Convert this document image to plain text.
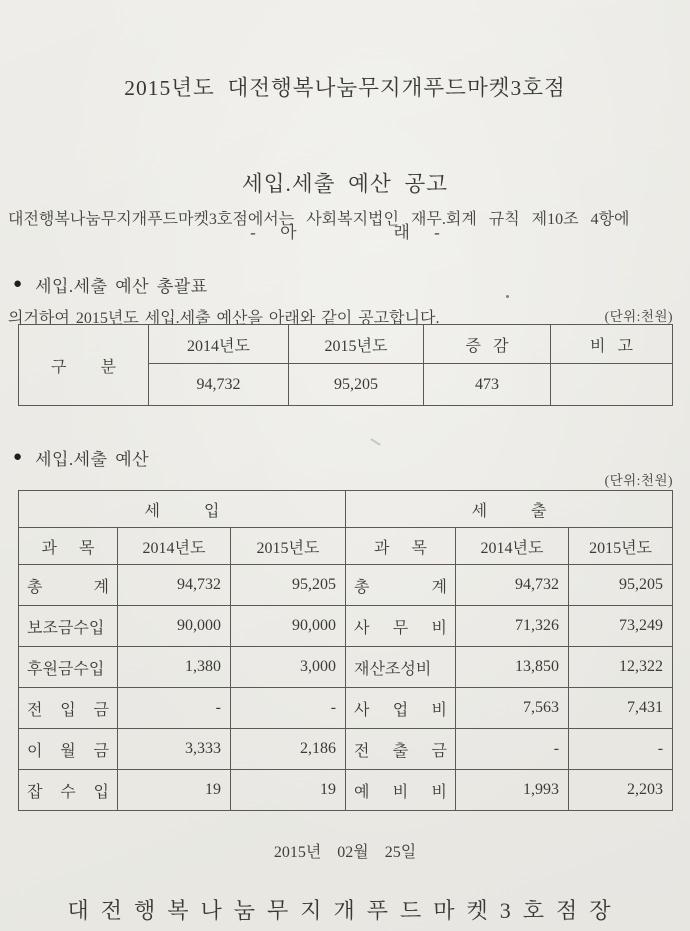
2015년도  대전행복나눔무지개푸드마켓3호점

세입.세출  예산  공고

대전행복나눔무지개푸드마켓3호점에서는  사회복지법인  재무.회계  규칙  제10조  4항에

의거하여 2015년도 세입.세출 예산을 아래와 같이 공고합니다.

- 아    래 -
● 세입.세출 예산 총괄표
(단위:천원)
구 분	2014년도	2015년도	증 감	비 고
	94,732	95,205	473	
● 세입.세출 예산
(단위:천원)
세 입			세 출		
과 목	2014년도	2015년도	과 목	2014년도	2015년도
총 계	94,732	95,205	총 계	94,732	95,205
보조금수입	90,000	90,000	사 무 비	71,326	73,249
후원금수입	1,380	3,000	재산조성비	13,850	12,322
전 입 금	-	-	사 업 비	7,563	7,431
이 월 금	3,333	2,186	전 출 금	-	-
잡 수 입	19	19	예 비 비	1,993	2,203
2015년  02월  25일
대전행복나눔무지개푸드마켓3호점장
